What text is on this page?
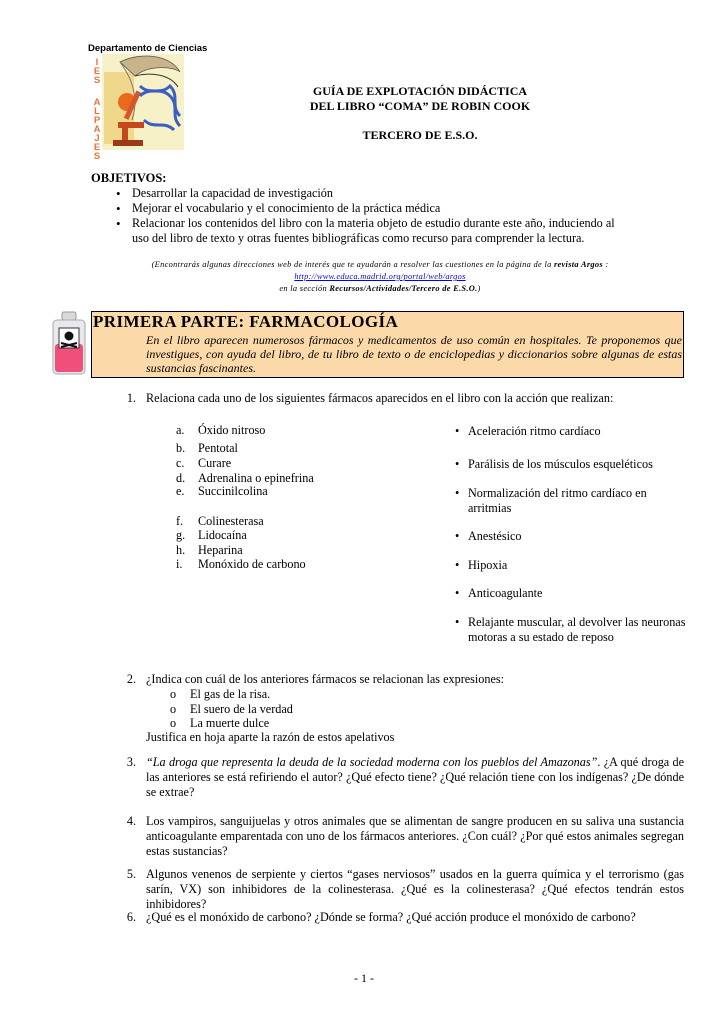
Departamento de Ciencias
I
E
S
A
L
P
A
J
E
S
GUÍA DE EXPLOTACIÓN DIDÁCTICA
DEL LIBRO “COMA” DE ROBIN COOK
TERCERO DE E.S.O.
OBJETIVOS:
• Desarrollar la capacidad de investigación
• Mejorar el vocabulario y el conocimiento de la práctica médica
• Relacionar los contenidos del libro con la materia objeto de estudio durante este año, induciendo al uso del libro de texto y otras fuentes bibliográficas como recurso para comprender la lectura.
(Encontrarás algunas direcciones web de interés que te ayudarán a resolver las cuestiones en la página de la revista Argos :
http://www.educa.madrid.org/portal/web/argos
en la sección Recursos/Actividades/Tercero de E.S.O.)
PRIMERA PARTE: FARMACOLOGÍA
En el libro aparecen numerosos fármacos y medicamentos de uso común en hospitales. Te proponemos que investigues, con ayuda del libro, de tu libro de texto o de enciclopedias y diccionarios sobre algunas de estas sustancias fascinantes.
1. Relaciona cada uno de los siguientes fármacos aparecidos en el libro con la acción que realizan:
a. Óxido nitroso
b. Pentotal
c. Curare
d. Adrenalina o epinefrina
e. Succinilcolina
f. Colinesterasa
g. Lidocaína
h. Heparina
i. Monóxido de carbono
• Aceleración ritmo cardíaco
• Parálisis de los músculos esqueléticos
• Normalización del ritmo cardíaco en arritmias
• Anestésico
• Hipoxia
• Anticoagulante
• Relajante muscular, al devolver las neuronas motoras a su estado de reposo
2. ¿Indica con cuál de los anteriores fármacos se relacionan las expresiones:
o El gas de la risa.
o El suero de la verdad
o La muerte dulce
Justifica en hoja aparte la razón de estos apelativos
3. “La droga que representa la deuda de la sociedad moderna con los pueblos del Amazonas”. ¿A qué droga de las anteriores se está refiriendo el autor? ¿Qué efecto tiene? ¿Qué relación tiene con los indígenas? ¿De dónde se extrae?
4. Los vampiros, sanguijuelas y otros animales que se alimentan de sangre producen en su saliva una sustancia anticoagulante emparentada con uno de los fármacos anteriores. ¿Con cuál? ¿Por qué estos animales segregan estas sustancias?
5. Algunos venenos de serpiente y ciertos “gases nerviosos” usados en la guerra química y el terrorismo (gas sarín, VX) son inhibidores de la colinesterasa. ¿Qué es la colinesterasa? ¿Qué efectos tendrán estos inhibidores?
6. ¿Qué es el monóxido de carbono? ¿Dónde se forma? ¿Qué acción produce el monóxido de carbono?
- 1 -
